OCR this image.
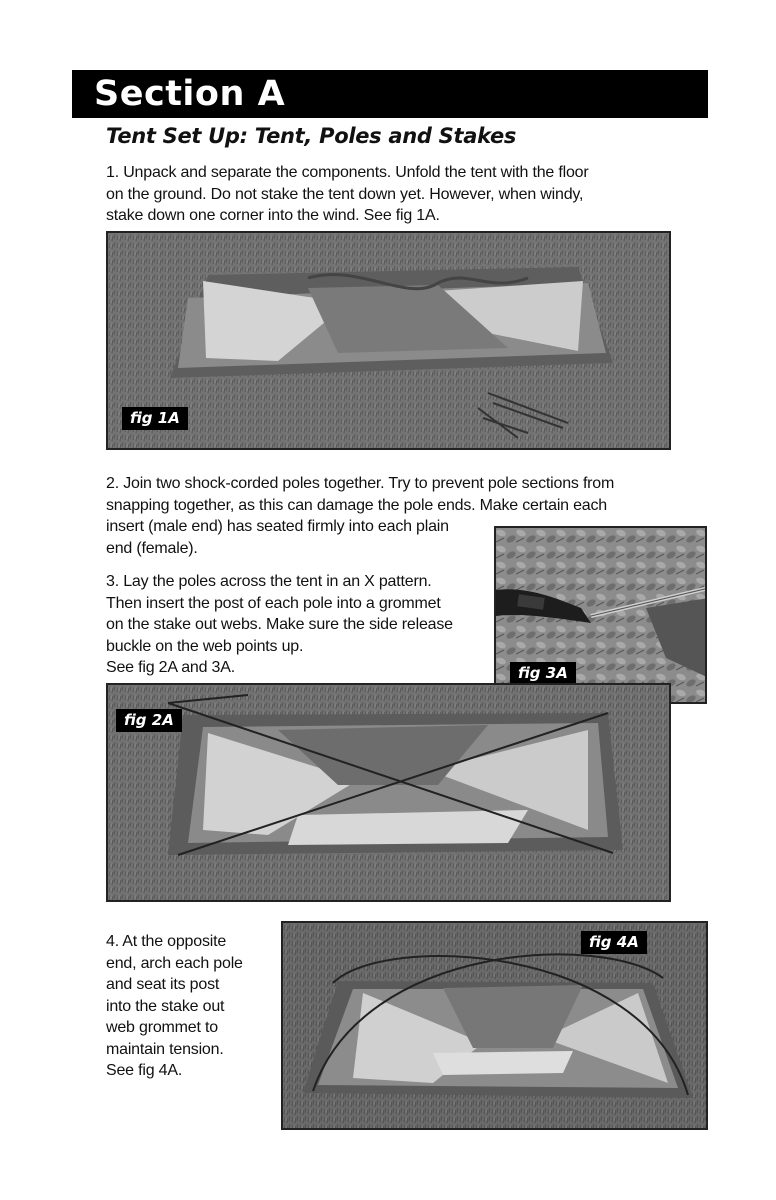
Section A
Tent Set Up: Tent, Poles and Stakes
1. Unpack and separate the components. Unfold the tent with the floor
on the ground. Do not stake the tent down yet. However, when windy,
stake down one corner into the wind. See fig 1A.
fig 1A
2. Join two shock-corded poles together. Try to prevent pole sections from
snapping together, as this can damage the pole ends. Make certain each
insert (male end) has seated firmly into each plain
end (female).
3. Lay the poles across the tent in an X pattern.
Then insert the post of each pole into a grommet
on the stake out webs. Make sure the side release
buckle on the web points up.
See fig 2A and 3A.	fig 3A
fig 2A
4. At the opposite
end, arch each pole
and seat its post
into the stake out
web grommet to
maintain tension.
See fig 4A.
fig 4A
